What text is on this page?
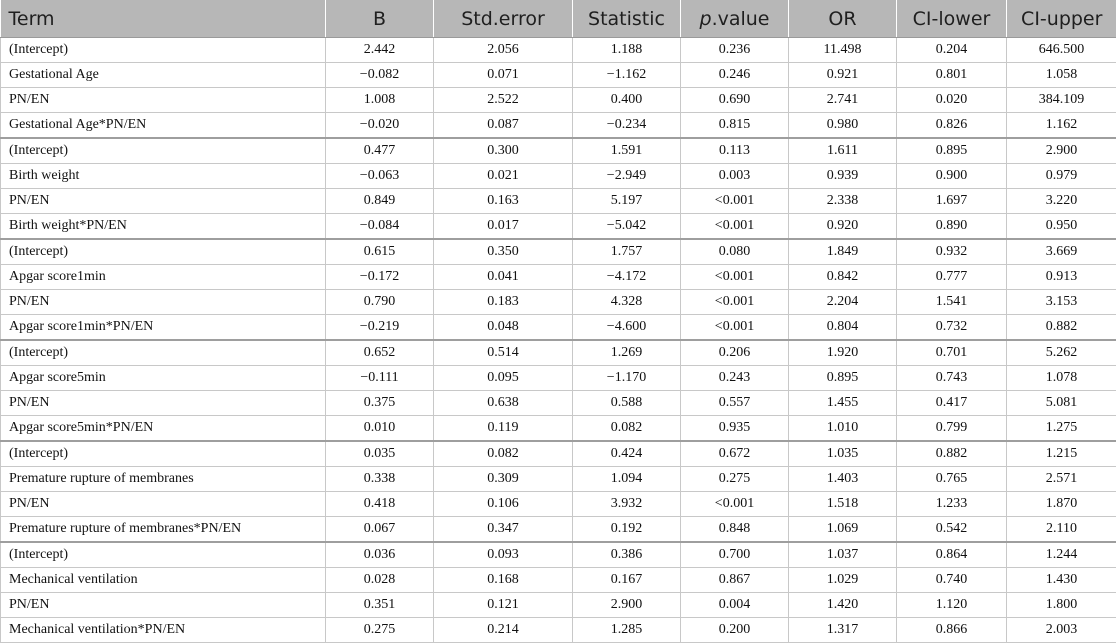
Term	B	Std.error	Statistic	p.value	OR	CI-lower	CI-upper
(Intercept)	2.442	2.056	1.188	0.236	11.498	0.204	646.500
Gestational Age	−0.082	0.071	−1.162	0.246	0.921	0.801	1.058
PN/EN	1.008	2.522	0.400	0.690	2.741	0.020	384.109
Gestational Age*PN/EN	−0.020	0.087	−0.234	0.815	0.980	0.826	1.162
(Intercept)	0.477	0.300	1.591	0.113	1.611	0.895	2.900
Birth weight	−0.063	0.021	−2.949	0.003	0.939	0.900	0.979
PN/EN	0.849	0.163	5.197	<0.001	2.338	1.697	3.220
Birth weight*PN/EN	−0.084	0.017	−5.042	<0.001	0.920	0.890	0.950
(Intercept)	0.615	0.350	1.757	0.080	1.849	0.932	3.669
Apgar score1min	−0.172	0.041	−4.172	<0.001	0.842	0.777	0.913
PN/EN	0.790	0.183	4.328	<0.001	2.204	1.541	3.153
Apgar score1min*PN/EN	−0.219	0.048	−4.600	<0.001	0.804	0.732	0.882
(Intercept)	0.652	0.514	1.269	0.206	1.920	0.701	5.262
Apgar score5min	−0.111	0.095	−1.170	0.243	0.895	0.743	1.078
PN/EN	0.375	0.638	0.588	0.557	1.455	0.417	5.081
Apgar score5min*PN/EN	0.010	0.119	0.082	0.935	1.010	0.799	1.275
(Intercept)	0.035	0.082	0.424	0.672	1.035	0.882	1.215
Premature rupture of membranes	0.338	0.309	1.094	0.275	1.403	0.765	2.571
PN/EN	0.418	0.106	3.932	<0.001	1.518	1.233	1.870
Premature rupture of membranes*PN/EN	0.067	0.347	0.192	0.848	1.069	0.542	2.110
(Intercept)	0.036	0.093	0.386	0.700	1.037	0.864	1.244
Mechanical ventilation	0.028	0.168	0.167	0.867	1.029	0.740	1.430
PN/EN	0.351	0.121	2.900	0.004	1.420	1.120	1.800
Mechanical ventilation*PN/EN	0.275	0.214	1.285	0.200	1.317	0.866	2.003
